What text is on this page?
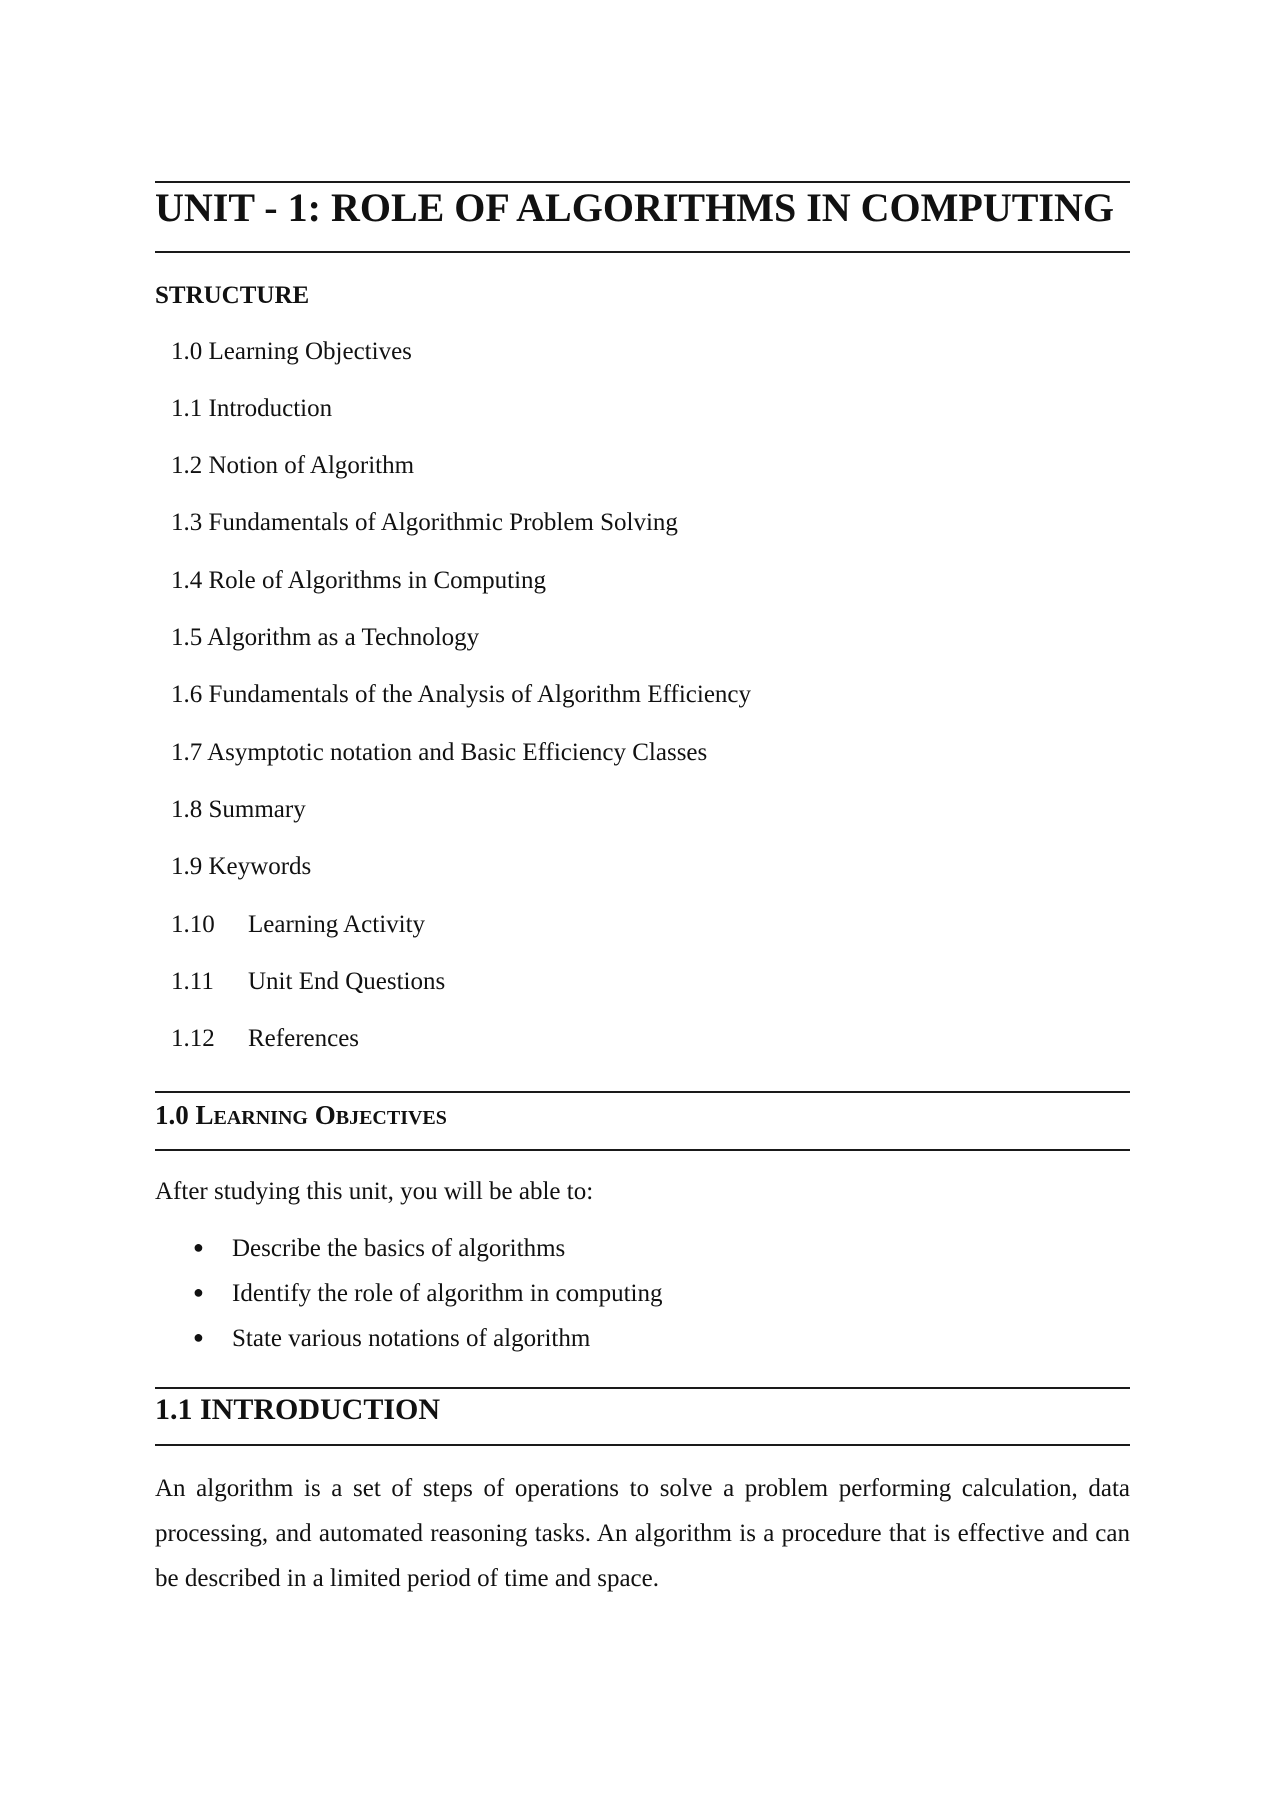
UNIT - 1: ROLE OF ALGORITHMS IN COMPUTING
STRUCTURE
1.0 Learning Objectives
1.1 Introduction
1.2 Notion of Algorithm
1.3 Fundamentals of Algorithmic Problem Solving
1.4 Role of Algorithms in Computing
1.5 Algorithm as a Technology
1.6 Fundamentals of the Analysis of Algorithm Efficiency
1.7 Asymptotic notation and Basic Efficiency Classes
1.8 Summary
1.9 Keywords
1.10 Learning Activity
1.11 Unit End Questions
1.12 References
1.0 LEARNING OBJECTIVES
After studying this unit, you will be able to:
● Describe the basics of algorithms
● Identify the role of algorithm in computing
● State various notations of algorithm
1.1 INTRODUCTION
An algorithm is a set of steps of operations to solve a problem performing calculation, data processing, and automated reasoning tasks. An algorithm is a procedure that is effective and can be described in a limited period of time and space.
